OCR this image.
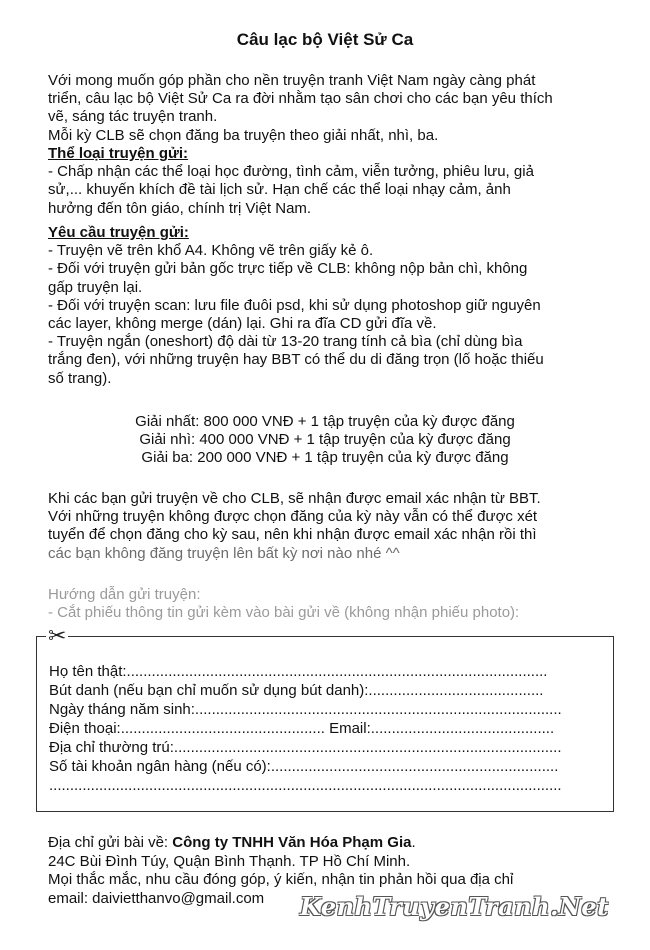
Câu lạc bộ Việt Sử Ca

Với mong muốn góp phần cho nền truyện tranh Việt Nam ngày càng phát

triển, câu lạc bộ Việt Sử Ca ra đời nhằm tạo sân chơi cho các bạn yêu thích

vẽ, sáng tác truyện tranh.

Mỗi kỳ CLB sẽ chọn đăng ba truyện theo giải nhất, nhì, ba.

Thể loại truyện gửi:

- Chấp nhận các thể loại học đường, tình cảm, viễn tưởng, phiêu lưu, giả

sử,... khuyến khích đề tài lịch sử. Hạn chế các thể loại nhạy cảm, ảnh

hưởng đến tôn giáo, chính trị Việt Nam.

Yêu cầu truyện gửi:

- Truyện vẽ trên khổ A4. Không vẽ trên giấy kẻ ô.

- Đối với truyện gửi bản gốc trực tiếp về CLB: không nộp bản chì, không

gấp truyện lại.

- Đối với truyện scan: lưu file đuôi psd, khi sử dụng photoshop giữ nguyên

các layer, không merge (dán) lại. Ghi ra đĩa CD gửi đĩa về.

- Truyện ngắn (oneshort) độ dài từ 13-20 trang tính cả bìa (chỉ dùng bìa

trắng đen), với những truyện hay BBT có thể du di đăng trọn (lố hoặc thiếu

số trang).

Giải nhất: 800 000 VNĐ + 1 tập truyện của kỳ được đăng

Giải nhì: 400 000 VNĐ + 1 tập truyện của kỳ được đăng

Giải ba: 200 000 VNĐ + 1 tập truyện của kỳ được đăng

Khi các bạn gửi truyện về cho CLB, sẽ nhận được email xác nhận từ BBT.

Với những truyện không được chọn đăng của kỳ này vẫn có thể được xét

tuyển để chọn đăng cho kỳ sau, nên khi nhận được email xác nhận rồi thì

các bạn không đăng truyện lên bất kỳ nơi nào nhé ^^

Hướng dẫn gửi truyện:

- Cắt phiếu thông tin gửi kèm vào bài gửi về (không nhận phiếu photo):

Họ tên thật:.....................................................................................................
Bút danh (nếu bạn chỉ muốn sử dụng bút danh):..........................................
Ngày tháng năm sinh:........................................................................................
Điện thoại:................................................. Email:............................................
Địa chỉ thường trú:.............................................................................................
Số tài khoản ngân hàng (nếu có):.....................................................................
...........................................................................................................................
✂

Địa chỉ gửi bài về: Công ty TNHH Văn Hóa Phạm Gia.

24C Bùi Đình Túy, Quận Bình Thạnh. TP Hồ Chí Minh.

Mọi thắc mắc, nhu cầu đóng góp, ý kiến, nhận tin phản hồi qua địa chỉ

email: daivietthanvo@gmail.com	KenhTruyenTranh.Net
